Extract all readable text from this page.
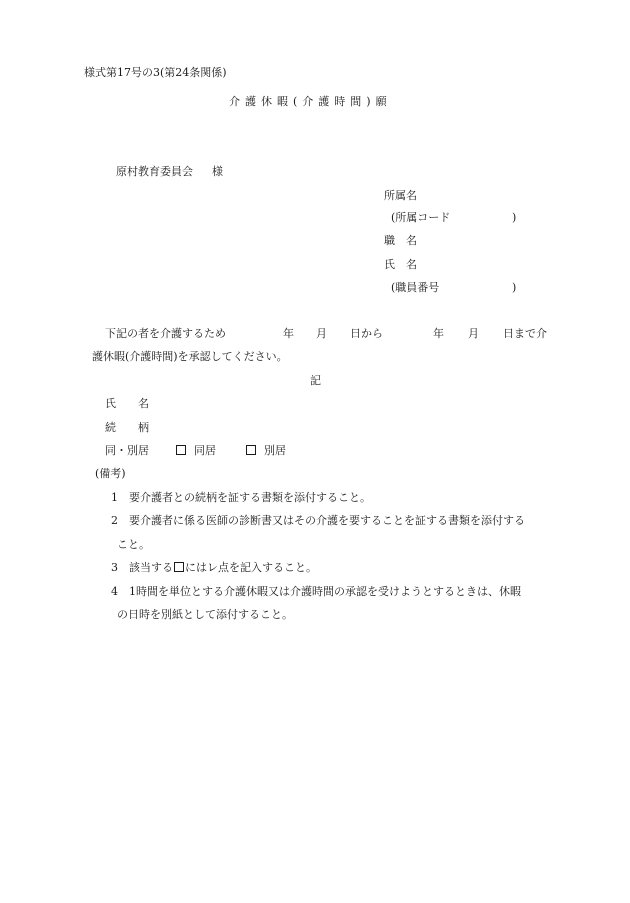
様式第17号の3(第24条関係)
介護休暇(介護時間)願
原村教育委員会 様
所属名
(所属コード	)
職　名
氏　名
(職員番号	)
下記の者を介護するため	年 月 日から	年 月 日まで介
護休暇(介護時間)を承認してください。
記
氏　　名
続　　柄
同・別居	同居	別居
(備考)
1 要介護者との続柄を証する書類を添付すること。
2 要介護者に係る医師の診断書又はその介護を要することを証する書類を添付する
こと。
3 該当する にはレ点を記入すること。
4 1時間を単位とする介護休暇又は介護時間の承認を受けようとするときは、休暇
の日時を別紙として添付すること。
